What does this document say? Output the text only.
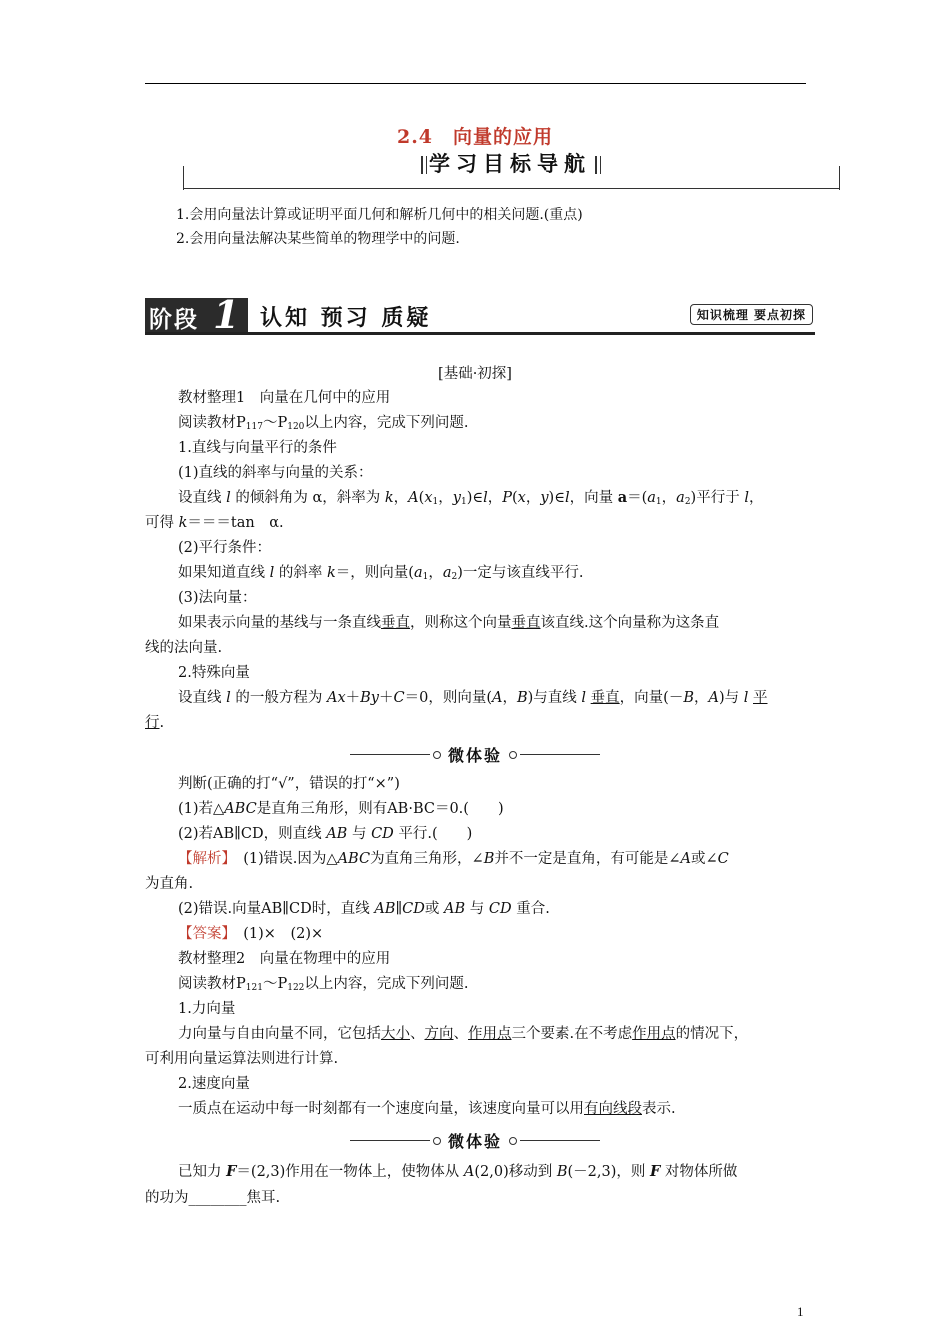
2.4　向量的应用
学习目标导航
1.会用向量法计算或证明平面几何和解析几何中的相关问题.(重点)
2.会用向量法解决某些简单的物理学中的问题.
阶段 1 认知 预习 质疑	知识梳理 要点初探
[基础·初探]
教材整理1　向量在几何中的应用
阅读教材$P_{117}\sim P_{120}$以上内容，完成下列问题.
1.直线与向量平行的条件
(1)直线的斜率与向量的关系：
设直线 l 的倾斜角为 α，斜率为 k，$A(x_1$，$y_1)\in l$，P(x，y)∈l，向量 $a=(a_1$，$a_2$)平行于 l，
可得 k＝＝＝tan　α.
(2)平行条件：
如果知道直线 l 的斜率 k＝，则向量($a_1$，$a_2$)一定与该直线平行.
(3)法向量：
如果表示向量的基线与一条直线垂直，则称这个向量垂直该直线.这个向量称为这条直
线的法向量.
2.特殊向量
设直线 l 的一般方程为 Ax＋By＋C＝0，则向量(A，B)与直线 l 垂直，向量(－B，A)与 l 平
行.
微体验
判断(正确的打“√”，错误的打“×”)
(1)若△ABC是直角三角形，则有AB·BC＝0.(　　)
(2)若AB∥CD，则直线 AB 与 CD 平行.(　　)
【解析】　(1)错误.因为△ABC为直角三角形，∠B并不一定是直角，有可能是∠A或∠C
为直角.
(2)错误.向量AB∥CD时，直线 AB∥CD或 AB 与 CD 重合.
【答案】　(1)×　(2)×
教材整理2　向量在物理中的应用
阅读教材$P_{121}\sim P_{122}$以上内容，完成下列问题.
1.力向量
力向量与自由向量不同，它包括大小、方向、作用点三个要素.在不考虑作用点的情况下，
可利用向量运算法则进行计算.
2.速度向量
一质点在运动中每一时刻都有一个速度向量，该速度向量可以用有向线段表示.
微体验
已知力 F＝(2,3)作用在一物体上，使物体从 A(2,0)移动到 B(－2,3)，则 F 对物体所做
的功为________焦耳.
1
